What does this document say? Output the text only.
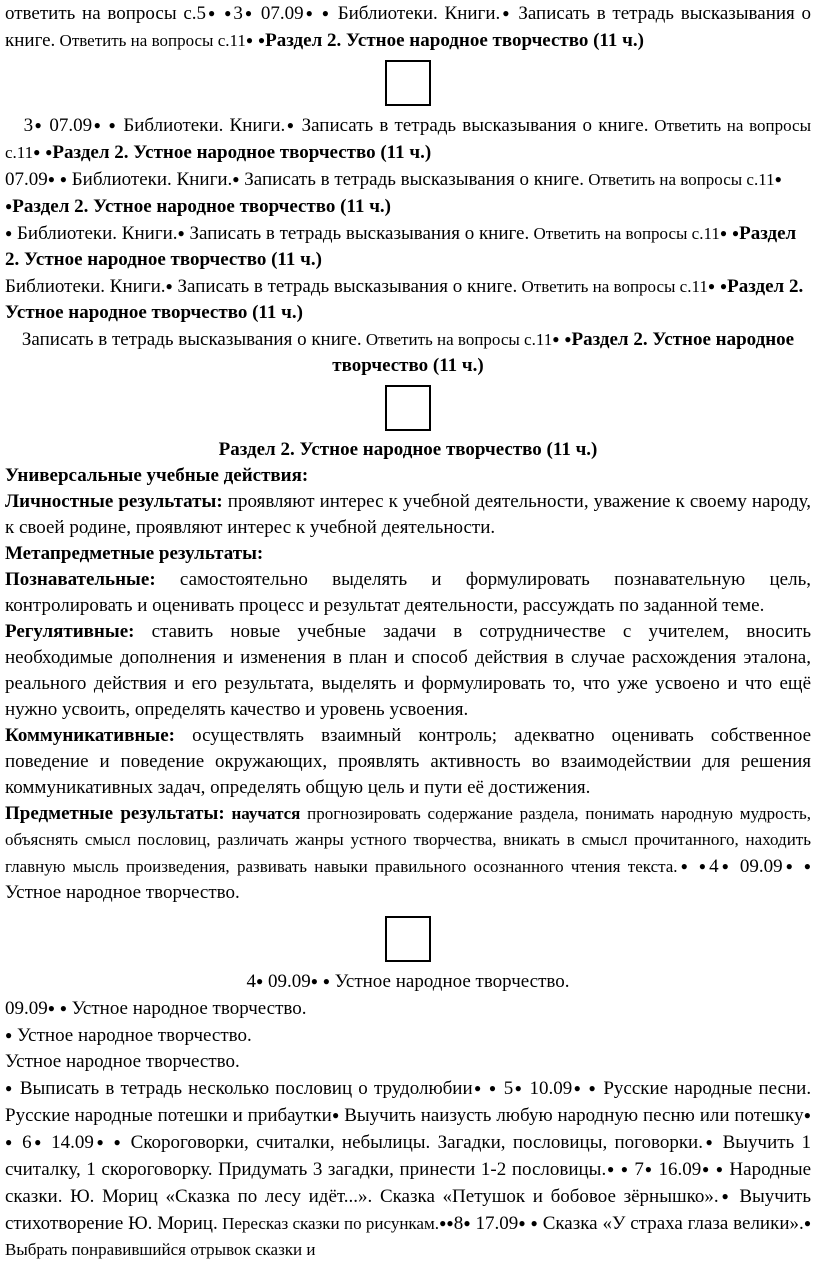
ответить на вопросы с.5 ● ● 3● 07.09● ● Библиотеки. Книги.● Записать в тетрадь высказывания о книге. Ответить на вопросы с.11 ● ● Раздел 2. Устное народное творчество (11 ч.)

3● 07.09● ● Библиотеки. Книги.● Записать в тетрадь высказывания о книге. Ответить на вопросы с.11 ● ● Раздел 2. Устное народное творчество (11 ч.)

07.09● ● Библиотеки. Книги.● Записать в тетрадь высказывания о книге. Ответить на вопросы с.11● ● Раздел 2. Устное народное творчество (11 ч.)

● Библиотеки. Книги.● Записать в тетрадь высказывания о книге. Ответить на вопросы с.11● ● Раздел 2. Устное народное творчество (11 ч.)

Библиотеки. Книги.● Записать в тетрадь высказывания о книге. Ответить на вопросы с.11 ● ● Раздел 2. Устное народное творчество (11 ч.)

Записать в тетрадь высказывания о книге. Ответить на вопросы с.11 ● ● Раздел 2. Устное народное творчество (11 ч.)

Раздел 2. Устное народное творчество (11 ч.)

Универсальные учебные действия:

Личностные результаты: проявляют интерес к учебной деятельности, уважение к своему народу, к своей родине, проявляют интерес к учебной деятельности.

Метапредметные результаты:

Познавательные: самостоятельно выделять и формулировать познавательную цель, контролировать и оценивать процесс и результат деятельности, рассуждать по заданной теме.

Регулятивные: ставить новые учебные задачи в сотрудничестве с учителем, вносить необходимые дополнения и изменения в план и способ действия в случае расхождения эталона, реального действия и его результата, выделять и формулировать то, что уже усвоено и что ещё нужно усвоить, определять качество и уровень усвоения.

Коммуникативные: осуществлять взаимный контроль; адекватно оценивать собственное поведение и поведение окружающих, проявлять активность во взаимодействии для решения коммуникативных задач, определять общую цель и пути её достижения.

Предметные результаты: научатся прогнозировать содержание раздела, понимать народную мудрость, объяснять смысл пословиц, различать жанры устного творчества, вникать в смысл прочитанного, находить главную мысль произведения, развивать навыки правильного осознанного чтения текста. ● ● 4● 09.09● ● Устное народное творчество.

4● 09.09● ● Устное народное творчество.

09.09● ● Устное народное творчество.

● Устное народное творчество.

Устное народное творчество.

● Выписать в тетрадь несколько пословиц о трудолюбии● ● 5● 10.09● ● Русские народные песни. Русские народные потешки и прибаутки● Выучить наизусть любую народную песню или потешку● ● 6● 14.09● ● Скороговорки, считалки, небылицы. Загадки, пословицы, поговорки.● Выучить 1 считалку, 1 скороговорку. Придумать 3 загадки, принести 1-2 пословицы.● ● 7● 16.09● ● Народные сказки. Ю. Мориц «Сказка по лесу идёт...». Сказка «Петушок и бобовое зёрнышко».● Выучить стихотворение Ю. Мориц. Пересказ сказки по рисункам. ● ● 8● 17.09● ● Сказка «У страха глаза велики».● Выбрать понравившийся отрывок сказки и
